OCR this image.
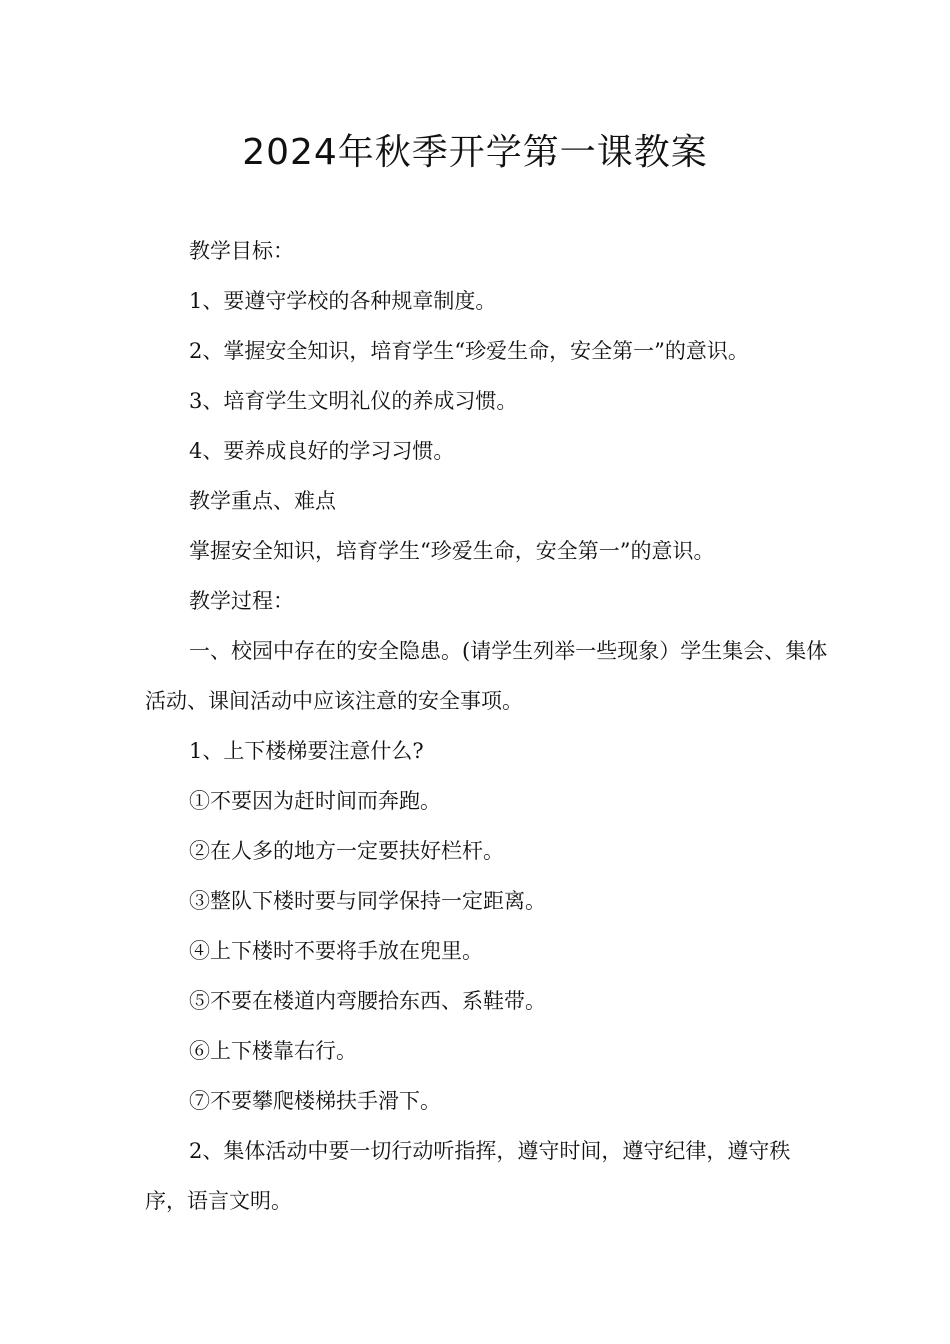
2024年秋季开学第一课教案

教学目标：

1、要遵守学校的各种规章制度。

2、掌握安全知识，培育学生“珍爱生命，安全第一”的意识。

3、培育学生文明礼仪的养成习惯。

4、要养成良好的学习习惯。

教学重点、难点

掌握安全知识，培育学生“珍爱生命，安全第一”的意识。

教学过程：

一、校园中存在的安全隐患。(请学生列举一些现象）学生集会、集体活动、课间活动中应该注意的安全事项。

1、上下楼梯要注意什么?

①不要因为赶时间而奔跑。

②在人多的地方一定要扶好栏杆。

③整队下楼时要与同学保持一定距离。

④上下楼时不要将手放在兜里。

⑤不要在楼道内弯腰拾东西、系鞋带。

⑥上下楼靠右行。

⑦不要攀爬楼梯扶手滑下。

2、集体活动中要一切行动听指挥，遵守时间，遵守纪律，遵守秩序，语言文明。
